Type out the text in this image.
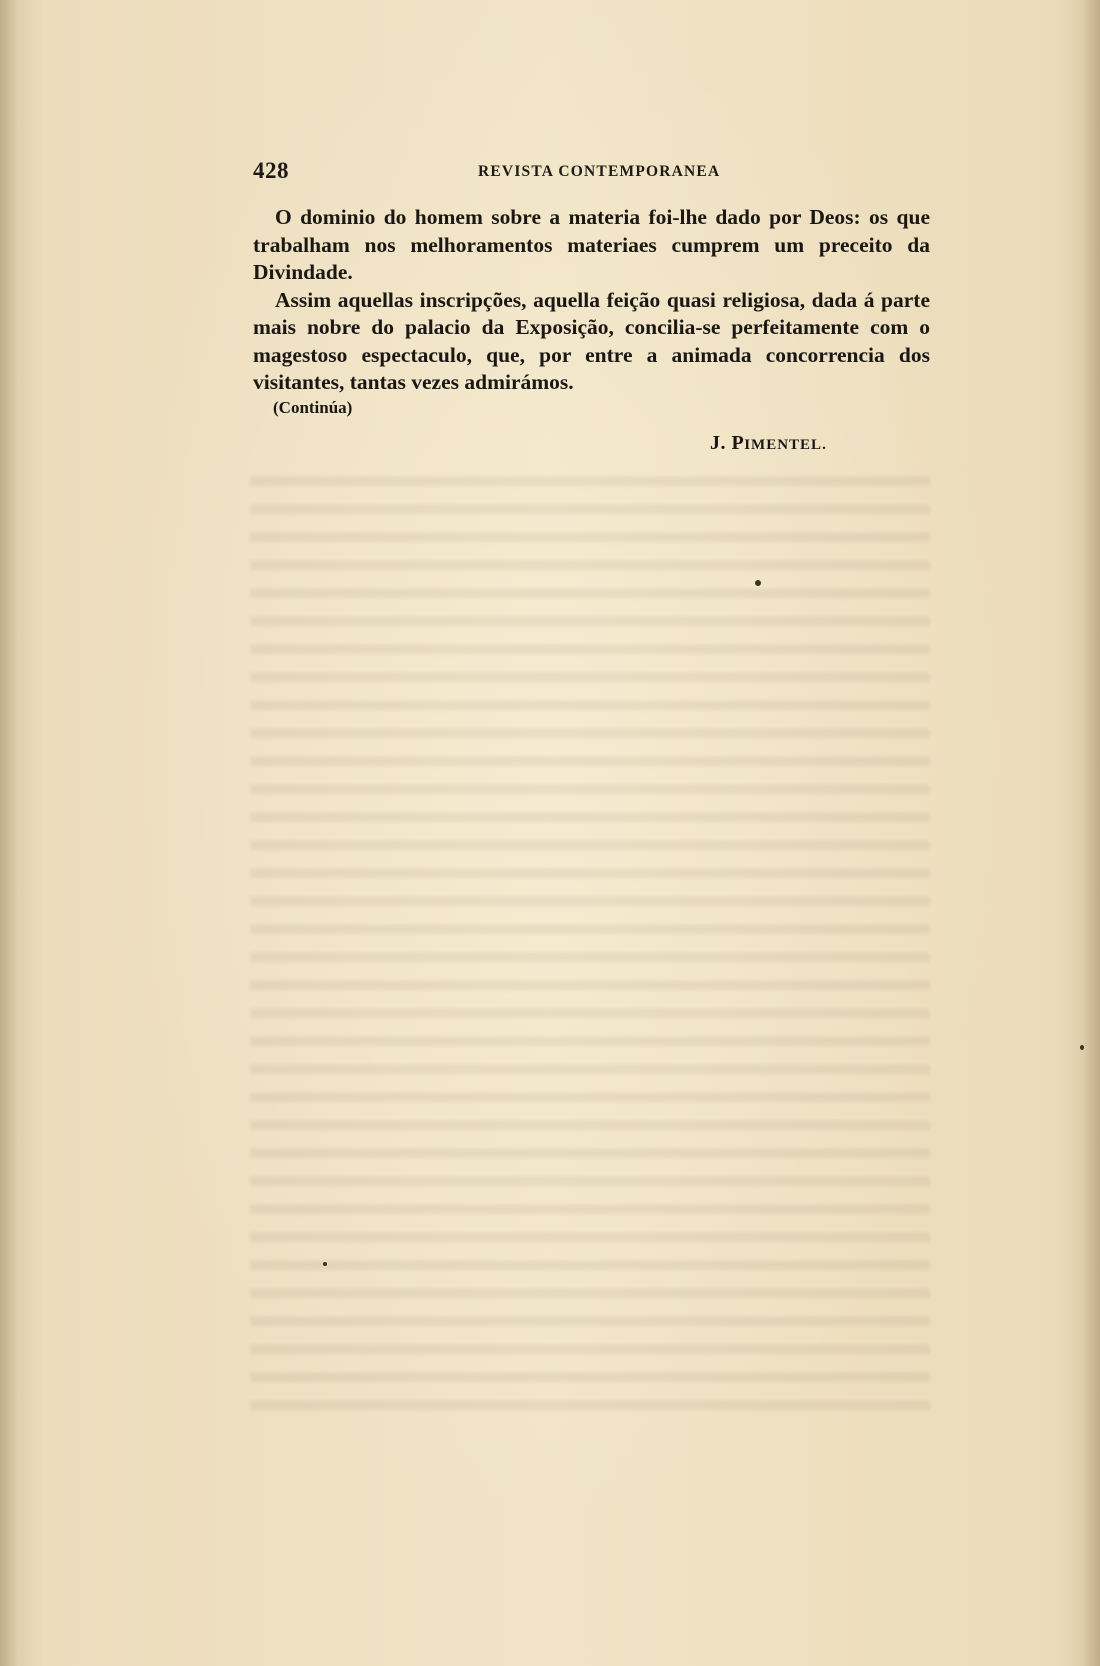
428	REVISTA CONTEMPORANEA

O dominio do homem sobre a materia foi-lhe dado por Deos: os que trabalham nos melhoramentos materiaes cumprem um preceito da Divindade.

Assim aquellas inscripções, aquella feição quasi religiosa, dada á parte mais nobre do palacio da Exposição, concilia-se perfeitamente com o magestoso espectaculo, que, por entre a animada concorrencia dos visitantes, tantas vezes admirámos.

(Continúa)
J. PIMENTEL.
